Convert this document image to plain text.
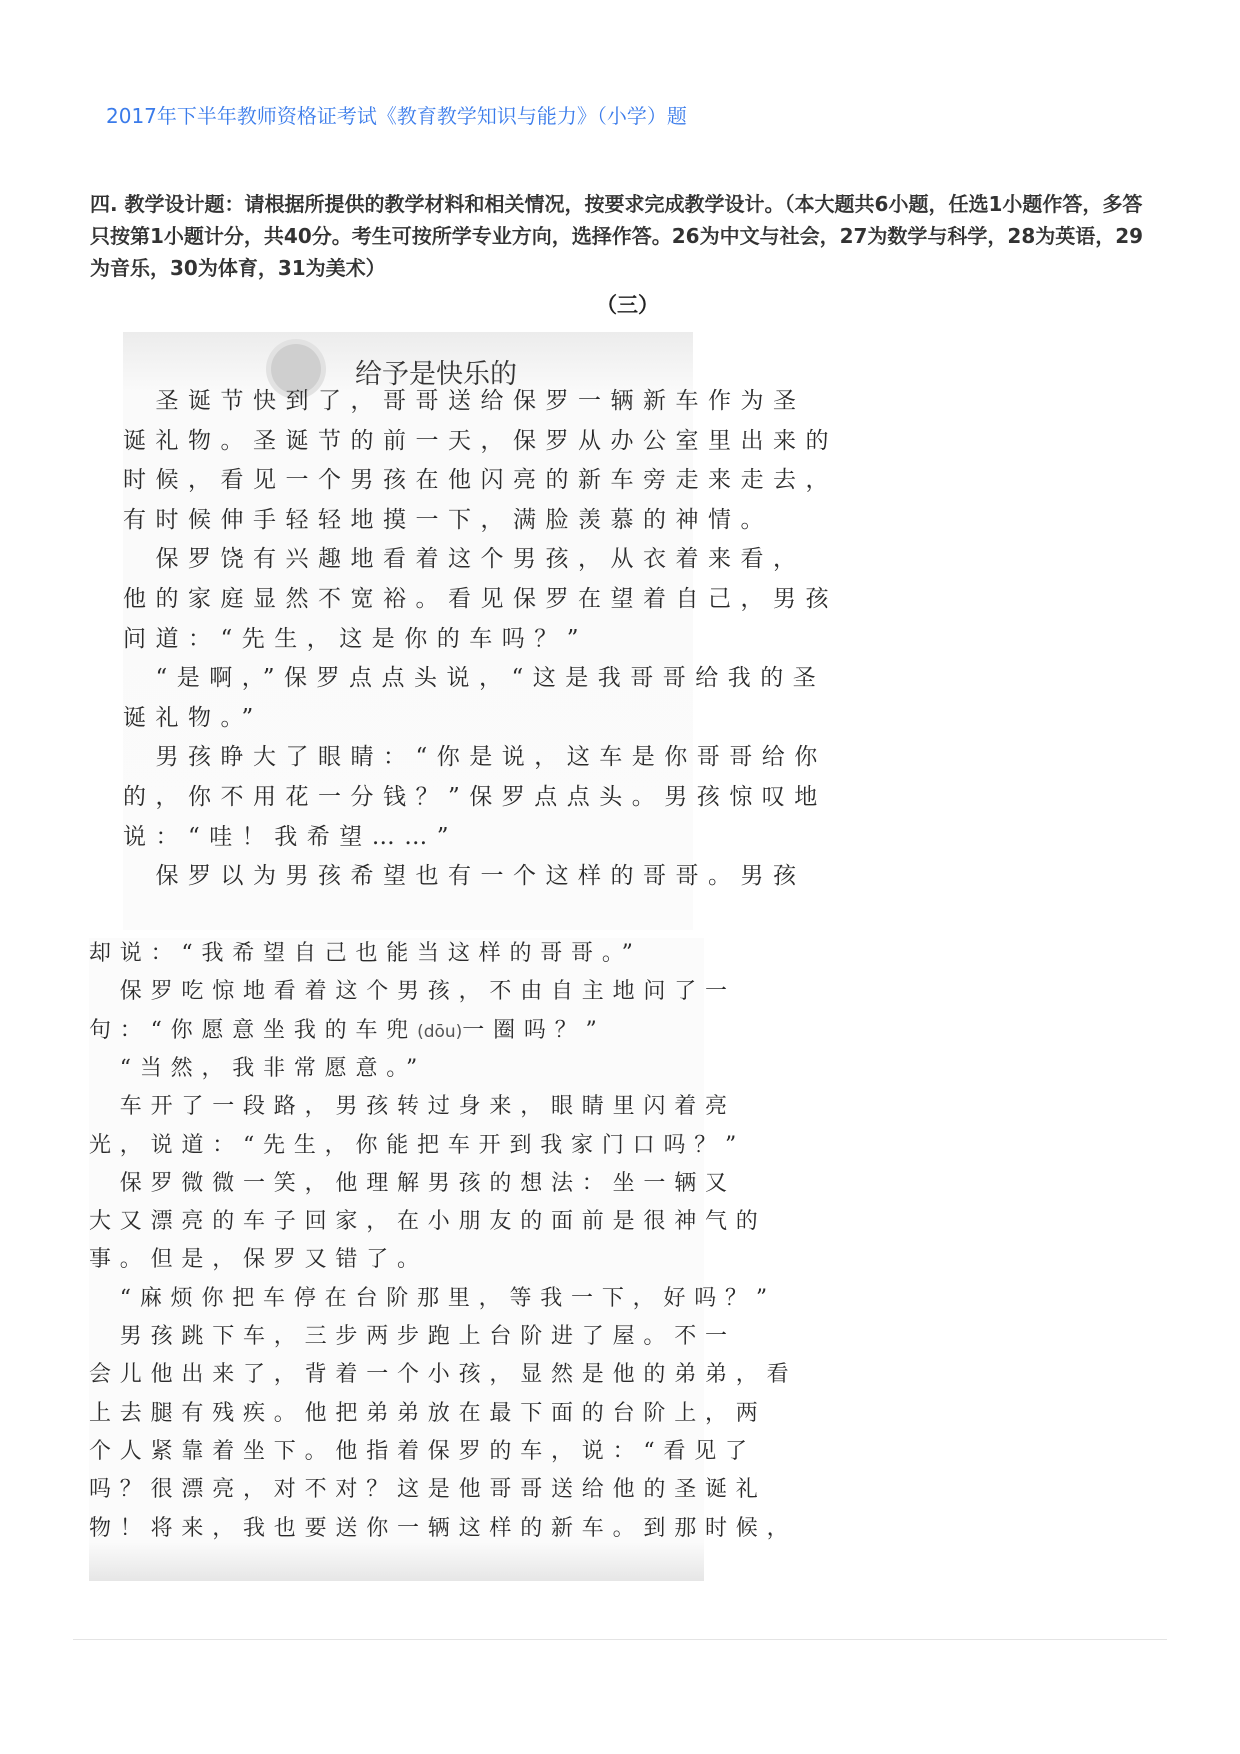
2017年下半年教师资格证考试《教育教学知识与能力》（小学）题
四. 教学设计题：请根据所提供的教学材料和相关情况，按要求完成教学设计。（本大题共6小题，任选1小题作答，多答只按第1小题计分，共40分。考生可按所学专业方向，选择作答。26为中文与社会，27为数学与科学，28为英语，29为音乐，30为体育，31为美术）
（三）
给予是快乐的
　圣诞节快到了，哥哥送给保罗一辆新车作为圣
诞礼物。圣诞节的前一天，保罗从办公室里出来的
时候，看见一个男孩在他闪亮的新车旁走来走去，
有时候伸手轻轻地摸一下，满脸羡慕的神情。
　保罗饶有兴趣地看着这个男孩，从衣着来看，
他的家庭显然不宽裕。看见保罗在望着自己，男孩
问道：“先生，这是你的车吗？”
　“是啊，”保罗点点头说，“这是我哥哥给我的圣
诞礼物。”
　男孩睁大了眼睛：“你是说，这车是你哥哥给你
的，你不用花一分钱？”保罗点点头。男孩惊叹地
说：“哇！我希望……”
　保罗以为男孩希望也有一个这样的哥哥。男孩
却说：“我希望自己也能当这样的哥哥。”
　保罗吃惊地看着这个男孩，不由自主地问了一
句：“你愿意坐我的车兜(dōu)一圈吗？”
　“当然，我非常愿意。”
　车开了一段路，男孩转过身来，眼睛里闪着亮
光，说道：“先生，你能把车开到我家门口吗？”
　保罗微微一笑，他理解男孩的想法：坐一辆又
大又漂亮的车子回家，在小朋友的面前是很神气的
事。但是，保罗又错了。
　“麻烦你把车停在台阶那里，等我一下，好吗？”
　男孩跳下车，三步两步跑上台阶进了屋。不一
会儿他出来了，背着一个小孩，显然是他的弟弟，看
上去腿有残疾。他把弟弟放在最下面的台阶上，两
个人紧靠着坐下。他指着保罗的车，说：“看见了
吗？很漂亮，对不对？这是他哥哥送给他的圣诞礼
物！将来，我也要送你一辆这样的新车。到那时候，
